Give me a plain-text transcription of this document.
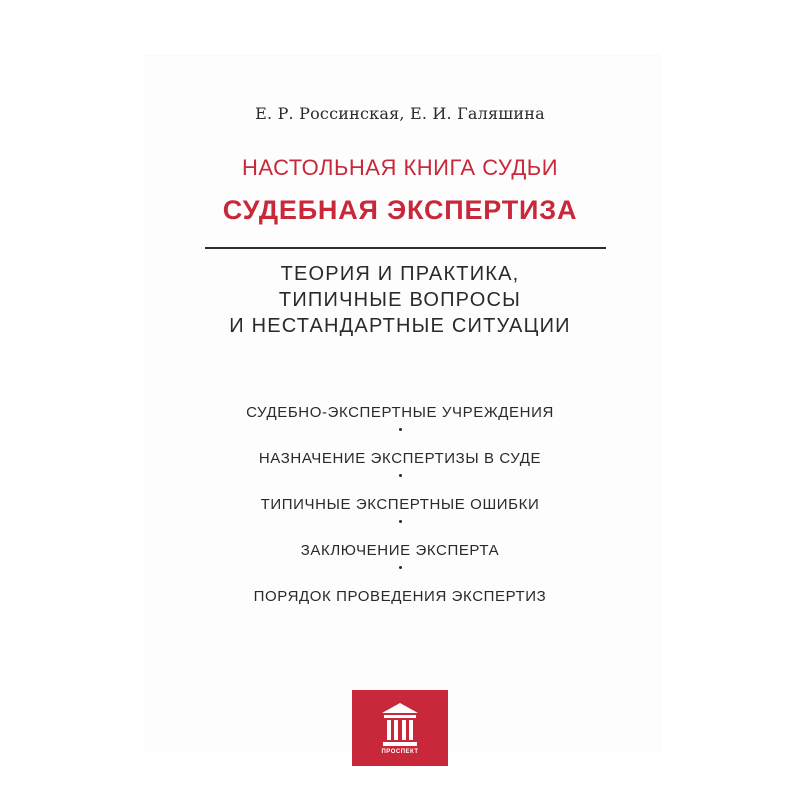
Е. Р. Россинская, Е. И. Галяшина
НАСТОЛЬНАЯ КНИГА СУДЬИ
СУДЕБНАЯ ЭКСПЕРТИЗА
ТЕОРИЯ И ПРАКТИКА,
ТИПИЧНЫЕ ВОПРОСЫ
И НЕСТАНДАРТНЫЕ СИТУАЦИИ
СУДЕБНО-ЭКСПЕРТНЫЕ УЧРЕЖДЕНИЯ
НАЗНАЧЕНИЕ ЭКСПЕРТИЗЫ В СУДЕ
ТИПИЧНЫЕ ЭКСПЕРТНЫЕ ОШИБКИ
ЗАКЛЮЧЕНИЕ ЭКСПЕРТА
ПОРЯДОК ПРОВЕДЕНИЯ ЭКСПЕРТИЗ
ПРОСПЕКТ
